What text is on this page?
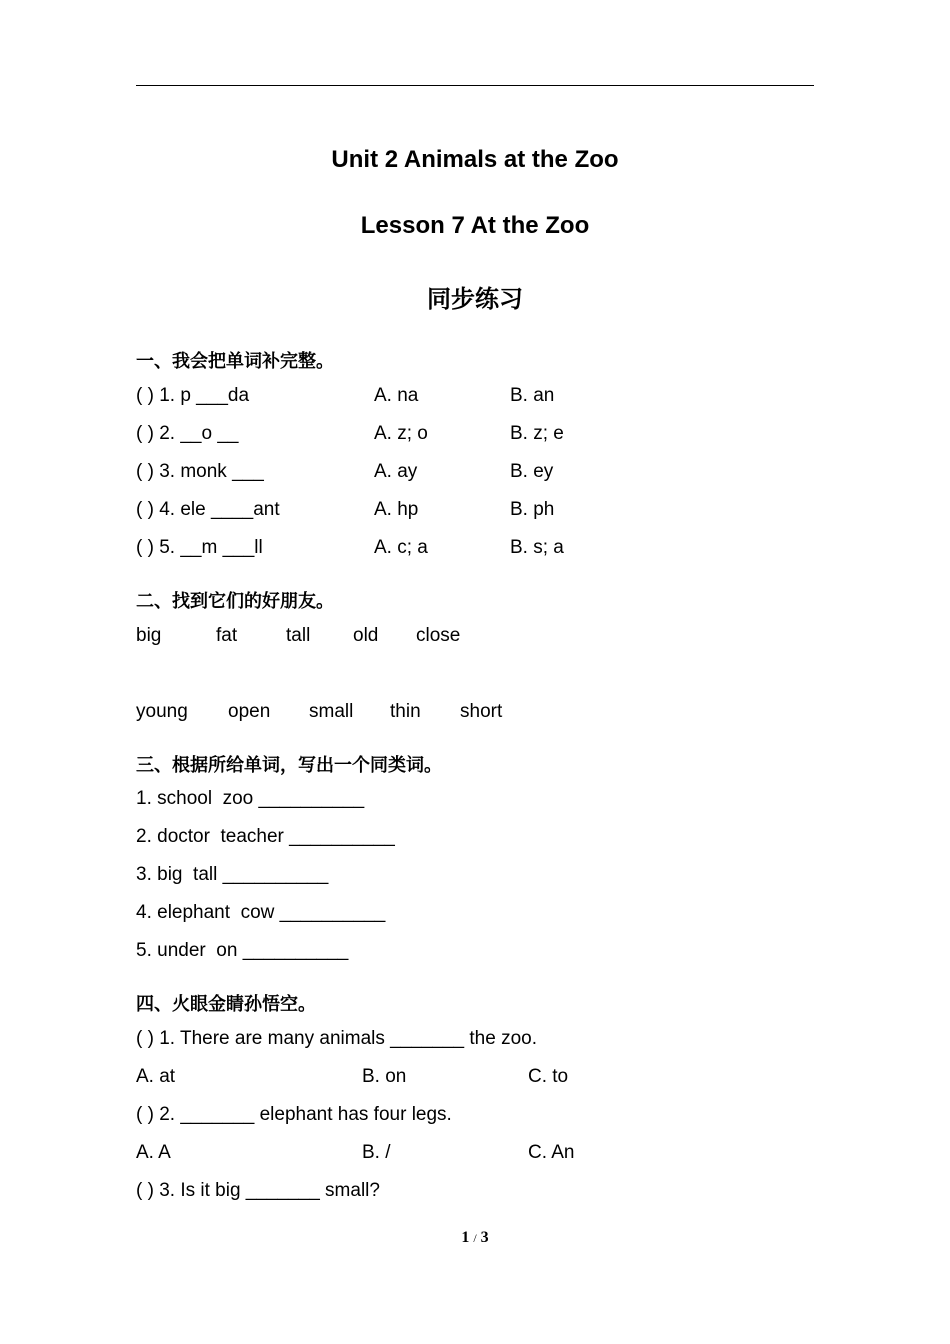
Unit 2 Animals at the Zoo
Lesson 7 At the Zoo
同步练习
一、我会把单词补完整。
( ) 1. p ___da	A. na	B. an
( ) 2. __o __	A. z; o	B. z; e
( ) 3. monk ___	A. ay	B. ey
( ) 4. ele ____ant	A. hp	B. ph
( ) 5. __m ___ll	A. c; a	B. s; a
二、找到它们的好朋友。
big	fat	tall old close
young open small thin short
三、根据所给单词，写出一个同类词。
1. school  zoo __________
2. doctor  teacher __________
3. big  tall __________
4. elephant  cow __________
5. under  on __________
四、火眼金睛孙悟空。
( ) 1. There are many animals _______ the zoo.
A. at	B. on	C. to
( ) 2. _______ elephant has four legs.
A. A	B. /	C. An
( ) 3. Is it big _______ small?
1 / 3
